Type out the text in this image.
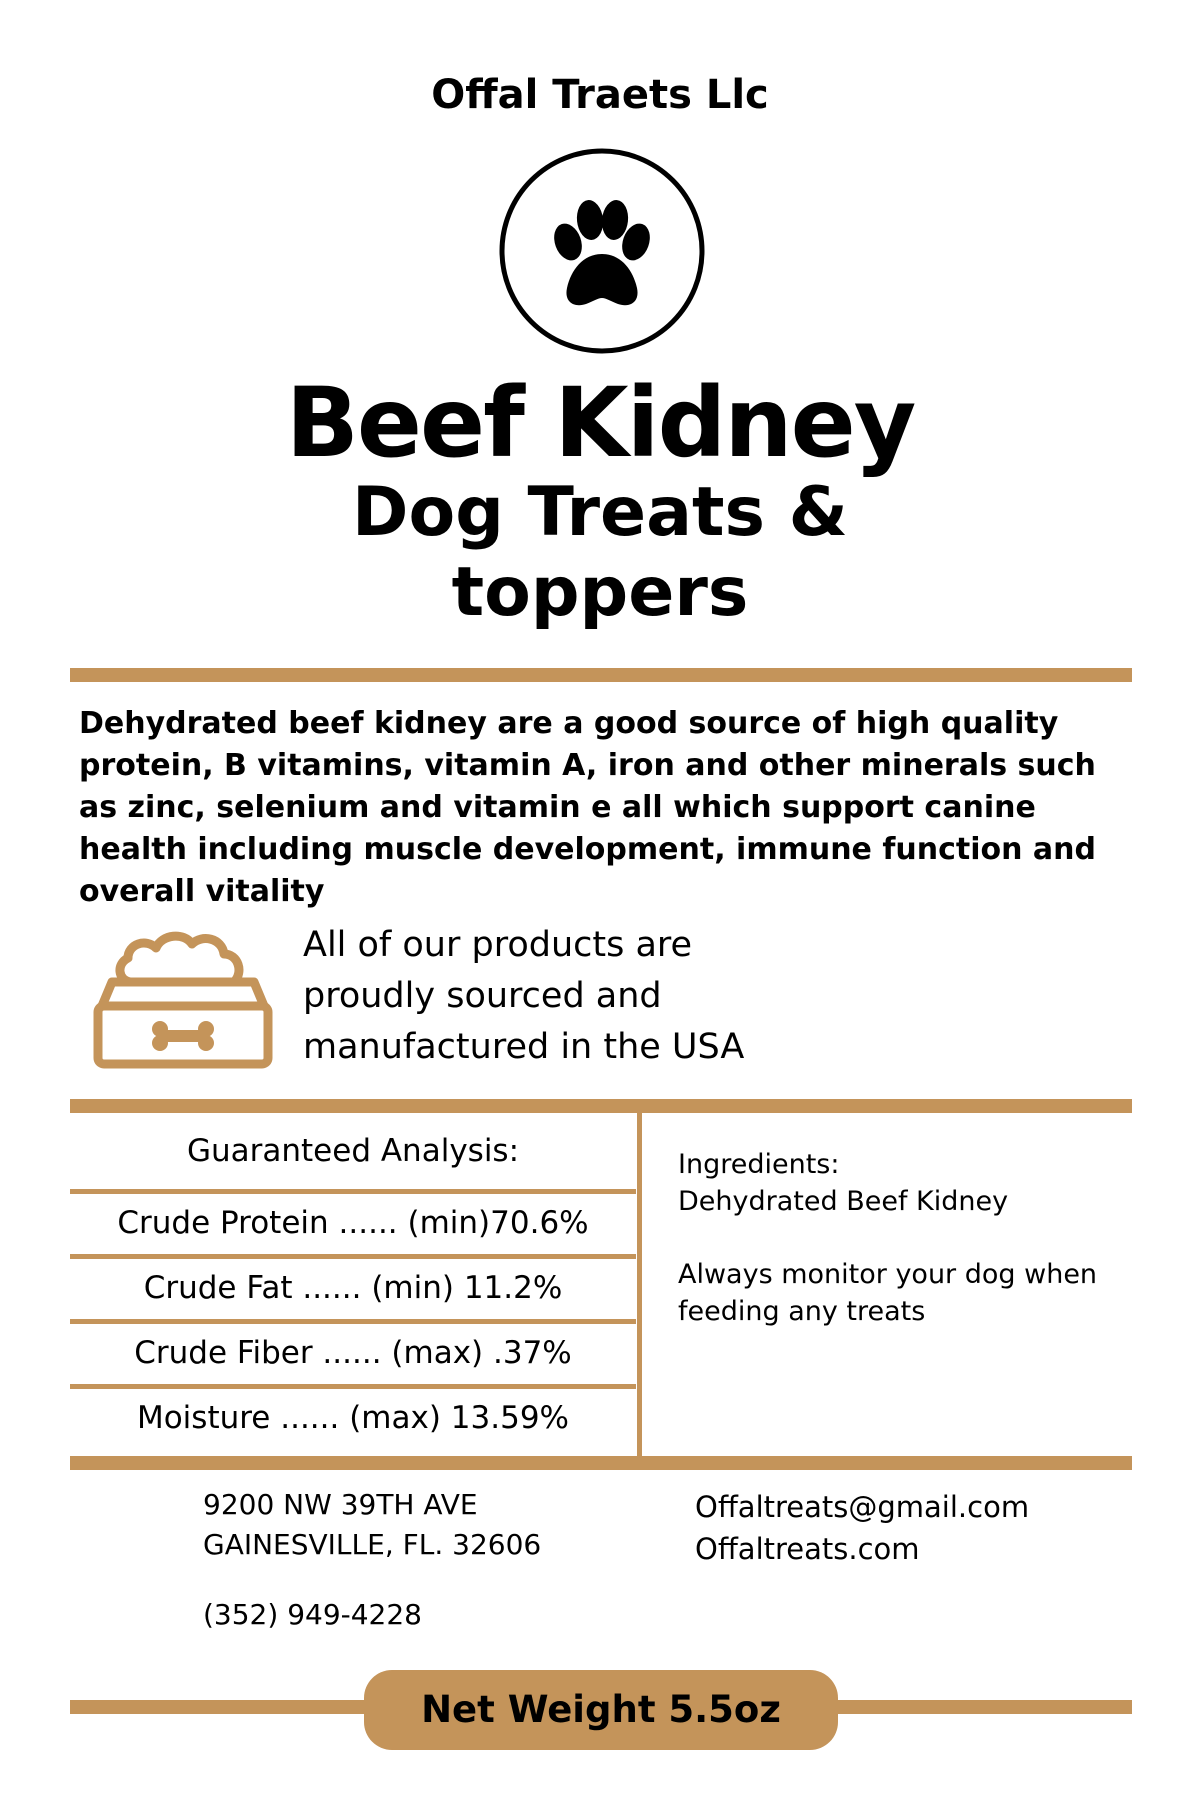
Offal Traets Llc
Beef Kidney
Dog Treats &
toppers
Dehydrated beef kidney are a good source of high quality protein, B vitamins, vitamin A, iron and other minerals such as zinc, selenium and vitamin e all which support canine health including muscle development, immune function and overall vitality
All of our products are
proudly sourced and
manufactured in the USA
Guaranteed Analysis:
Crude Protein ...... (min)70.6%
Crude Fat ...... (min) 11.2%
Crude Fiber ...... (max) .37%
Moisture ...... (max) 13.59%

Ingredients:

Dehydrated Beef Kidney

Always monitor your dog when feeding any treats
9200 NW 39TH AVE
GAINESVILLE, FL. 32606
(352) 949-4228
Offaltreats@gmail.com
Offaltreats.com
Net Weight 5.5oz
